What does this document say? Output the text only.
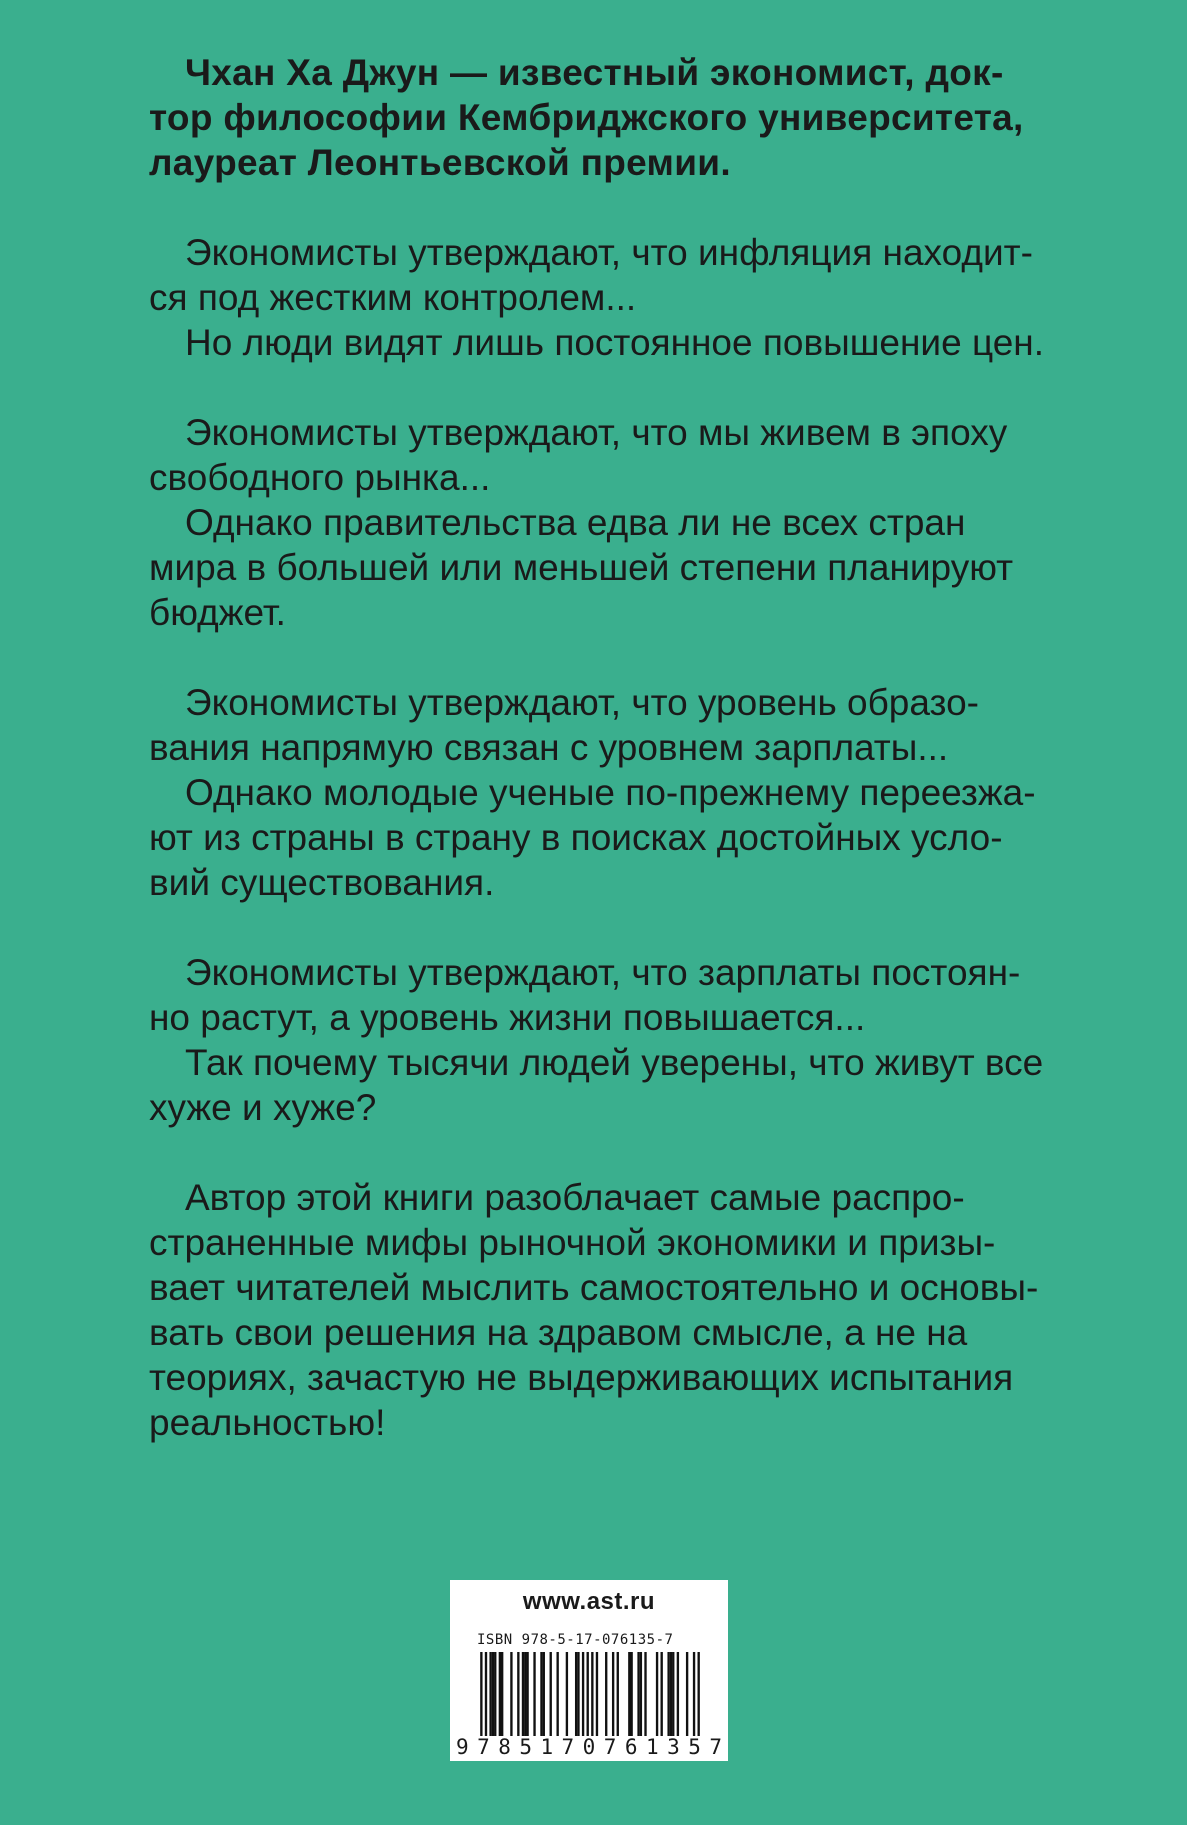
Чхан Ха Джун — известный экономист, док-
тор философии Кембриджского университета,
лауреат Леонтьевской премии.

Экономисты утверждают, что инфляция находит-
ся под жестким контролем...

Но люди видят лишь постоянное повышение цен.

Экономисты утверждают, что мы живем в эпоху
свободного рынка...

Однако правительства едва ли не всех стран
мира в большей или меньшей степени планируют
бюджет.

Экономисты утверждают, что уровень образо-
вания напрямую связан с уровнем зарплаты...

Однако молодые ученые по-прежнему переезжа-
ют из страны в страну в поисках достойных усло-
вий существования.

Экономисты утверждают, что зарплаты постоян-
но растут, а уровень жизни повышается...

Так почему тысячи людей уверены, что живут все
хуже и хуже?

Автор этой книги разоблачает самые распро-
страненные мифы рыночной экономики и призы-
вает читателей мыслить самостоятельно и основы-
вать свои решения на здравом смысле, а не на
теориях, зачастую не выдерживающих испытания
реальностью!

www.ast.ru
ISBN 978-5-17-076135-7
9 7 8 5 1 7 0 7 6 1 3 5 7
